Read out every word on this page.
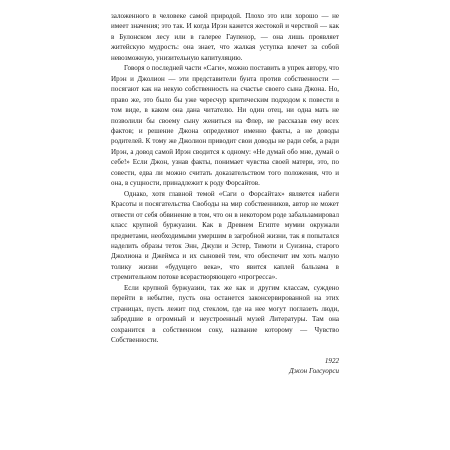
заложенного в человеке самой природой. Плохо это или хорошо — не имеет значения; это так. И когда Ирэн кажется жестокой и черствой — как в Булонском лесу или в галерее Гаупенор, — она лишь проявляет житейскую мудрость: она знает, что жалкая уступка влечет за собой невозможную, унизительную капитуляцию.

Говоря о последней части «Саги», можно поставить в упрек автору, что Ирэн и Джолион — эти представители бунта против собственности — посягают как на некую собственность на счастье своего сына Джона. Но, право же, это было бы уже чересчур критическим подходом к повести в том виде, в каком она дана читателю. Ни один отец, ни одна мать не позволили бы своему сыну жениться на Флер, не рассказав ему всех фактов; и решение Джона определяют именно факты, а не доводы родителей. К тому же Джолион приводит свои доводы не ради себя, а ради Ирэн, а довод самой Ирэн сводится к одному: «Не думай обо мне, думай о себе!» Если Джон, узнав факты, понимает чувства своей матери, это, по совести, едва ли можно считать доказательством того положения, что и она, в сущности, принадлежит к роду Форсайтов.

Однако, хотя главной темой «Саги о Форсайтах» является набеги Красоты и посягательства Свободы на мир собственников, автор не может отвести от себя обвинение в том, что он в некотором роде забальзамировал класс крупной буржуазии. Как в Древнем Египте мумии окружали предметами, необходимыми умершим в загробной жизни, так я попытался наделить образы теток Энн, Джули и Эстер, Тимоти и Суизина, старого Джолиона и Джеймса и их сыновей тем, что обеспечит им хоть малую толику жизни «будущего века», что явится каплей бальзама в стремительном потоке всерастворяющего «прогресса».

Если крупной буржуазии, так же как и другим классам, суждено перейти в небытие, пусть она останется законсервированной на этих страницах, пусть лежит под стеклом, где на нее могут поглазеть люди, забредшие в огромный и неустроенный музей Литературы. Там она сохранится в собственном соку, название которому — Чувство Собственности.

1922
Джон Голсуорси
